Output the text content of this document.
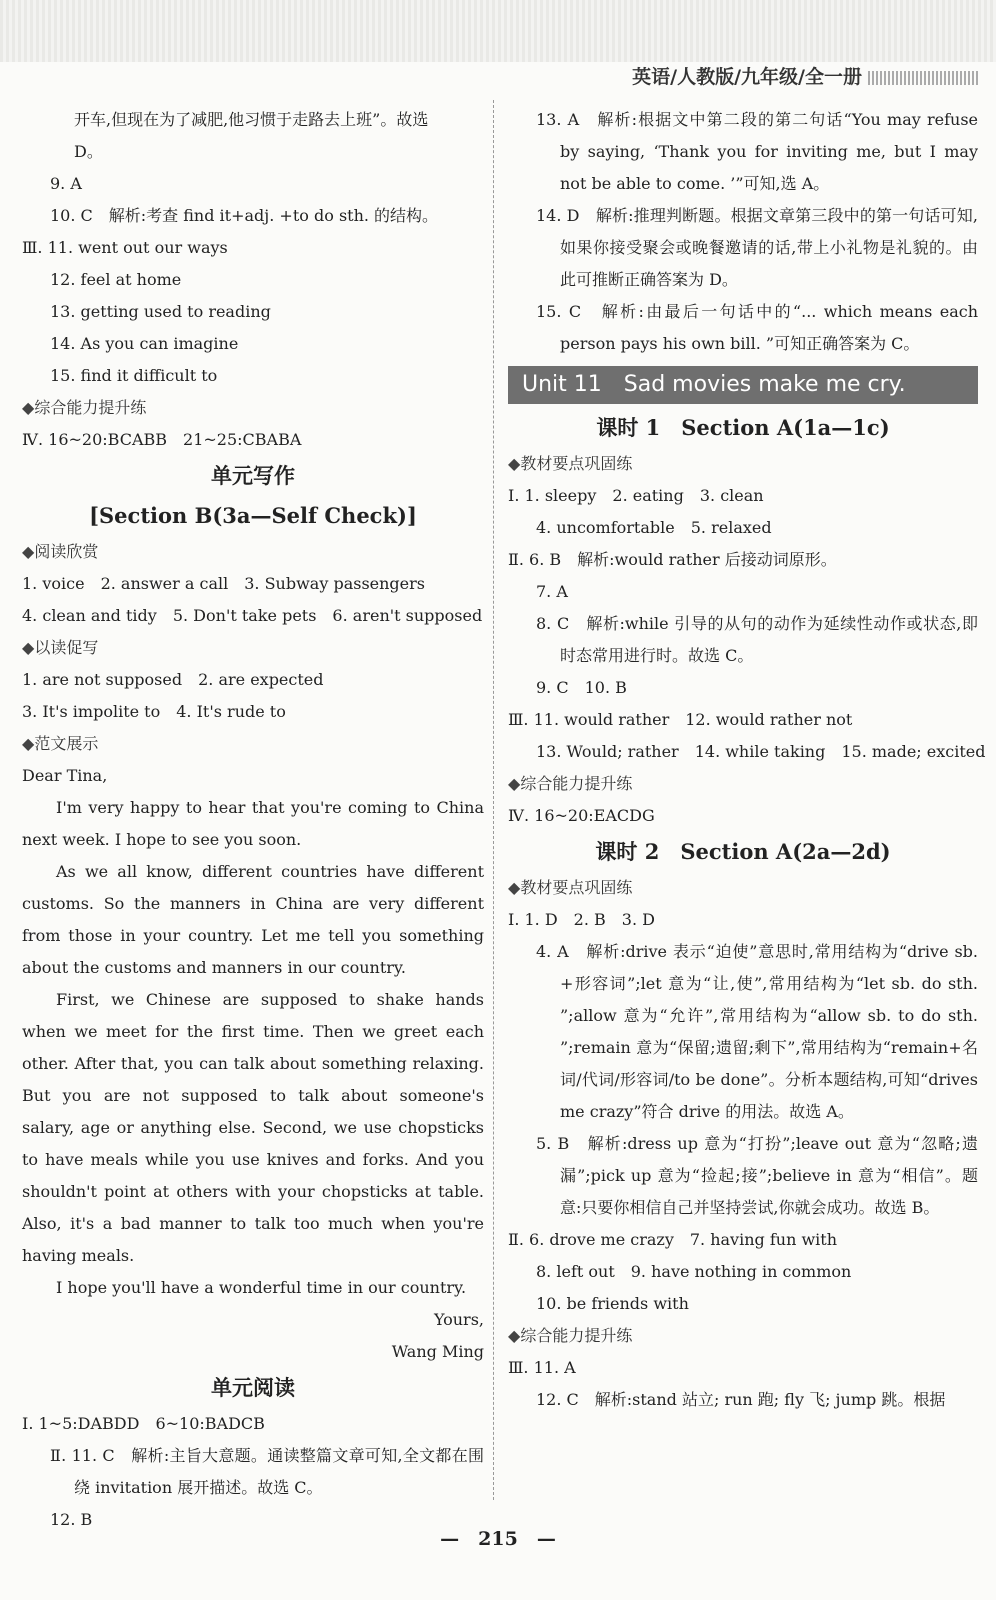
英语/人教版/九年级/全一册
开车,但现在为了减肥,他习惯于走路去上班”。故选
D。
9. A
10. C　解析:考查 find it+adj. +to do sth. 的结构。
Ⅲ. 11. went out our ways
12. feel at home
13. getting used to reading
14. As you can imagine
15. find it difficult to
◆综合能力提升练
Ⅳ. 16~20:BCABB　21~25:CBABA
单元写作
[Section B(3a—Self Check)]
◆阅读欣赏
1. voice　2. answer a call　3. Subway passengers
4. clean and tidy　5. Don't take pets　6. aren't supposed
◆以读促写
1. are not supposed　2. are expected
3. It's impolite to　4. It's rude to
◆范文展示
Dear Tina,
I'm very happy to hear that you're coming to China next week. I hope to see you soon.
As we all know, different countries have different customs. So the manners in China are very different from those in your country. Let me tell you something about the customs and manners in our country.
First, we Chinese are supposed to shake hands when we meet for the first time. Then we greet each other. After that, you can talk about something relaxing. But you are not supposed to talk about someone's salary, age or anything else. Second, we use chopsticks to have meals while you use knives and forks. And you shouldn't point at others with your chopsticks at table. Also, it's a bad manner to talk too much when you're having meals.
I hope you'll have a wonderful time in our country.
Yours,
Wang Ming
单元阅读
Ⅰ. 1~5:DABDD　6~10:BADCB
Ⅱ. 11. C　解析:主旨大意题。通读整篇文章可知,全文都在围绕 invitation 展开描述。故选 C。
12. B
13. A　解析:根据文中第二段的第二句话“You may refuse by saying, ‘Thank you for inviting me, but I may not be able to come. ’”可知,选 A。
14. D　解析:推理判断题。根据文章第三段中的第一句话可知,如果你接受聚会或晚餐邀请的话,带上小礼物是礼貌的。由此可推断正确答案为 D。
15. C　解析:由最后一句话中的“... which means each person pays his own bill. ”可知正确答案为 C。
Unit 11　Sad movies make me cry.
课时 1　Section A(1a—1c)
◆教材要点巩固练
Ⅰ. 1. sleepy　2. eating　3. clean
4. uncomfortable　5. relaxed
Ⅱ. 6. B　解析:would rather 后接动词原形。
7. A
8. C　解析:while 引导的从句的动作为延续性动作或状态,即时态常用进行时。故选 C。
9. C　10. B
Ⅲ. 11. would rather　12. would rather not
13. Would; rather　14. while taking　15. made; excited
◆综合能力提升练
Ⅳ. 16~20:EACDG
课时 2　Section A(2a—2d)
◆教材要点巩固练
Ⅰ. 1. D　2. B　3. D
4. A　解析:drive 表示“迫使”意思时,常用结构为“drive sb. +形容词”;let 意为“让,使”,常用结构为“let sb. do sth. ”;allow 意为“允许”,常用结构为“allow sb. to do sth. ”;remain 意为“保留;遗留;剩下”,常用结构为“remain+名词/代词/形容词/to be done”。分析本题结构,可知“drives me crazy”符合 drive 的用法。故选 A。
5. B　解析:dress up 意为“打扮”;leave out 意为“忽略;遗漏”;pick up 意为“捡起;接”;believe in 意为“相信”。题意:只要你相信自己并坚持尝试,你就会成功。故选 B。
Ⅱ. 6. drove me crazy　7. having fun with
8. left out　9. have nothing in common
10. be friends with
◆综合能力提升练
Ⅲ. 11. A
12. C　解析:stand 站立; run 跑; fly 飞; jump 跳。根据
—　215　—
